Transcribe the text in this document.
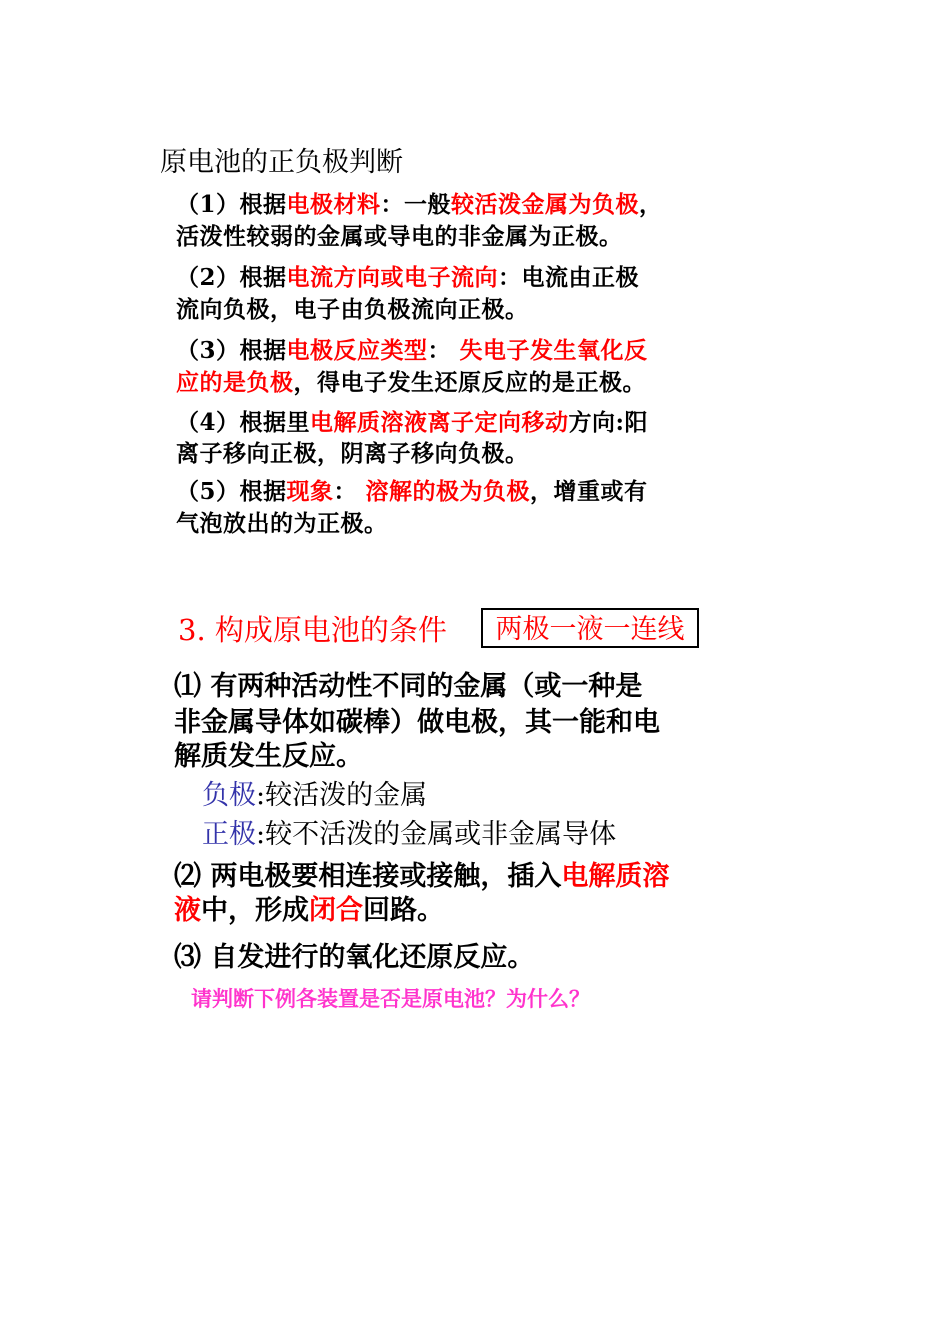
原电池的正负极判断
（1）根据电极材料：一般较活泼金属为负极，
活泼性较弱的金属或导电的非金属为正极。
（2）根据电流方向或电子流向：电流由正极
流向负极，电子由负极流向正极。
（3）根据电极反应类型： 失电子发生氧化反
应的是负极，得电子发生还原反应的是正极。
（4）根据里电解质溶液离子定向移动方向:阳
离子移向正极，阴离子移向负极。
（5）根据现象： 溶解的极为负极，增重或有
气泡放出的为正极。
3. 构成原电池的条件	两极一液一连线
⑴ 有两种活动性不同的金属（或一种是
非金属导体如碳棒）做电极，其一能和电
解质发生反应。
负极:较活泼的金属
正极:较不活泼的金属或非金属导体
⑵ 两电极要相连接或接触，插入电解质溶
液中，形成闭合回路。
⑶ 自发进行的氧化还原反应。
请判断下例各装置是否是原电池？为什么？
